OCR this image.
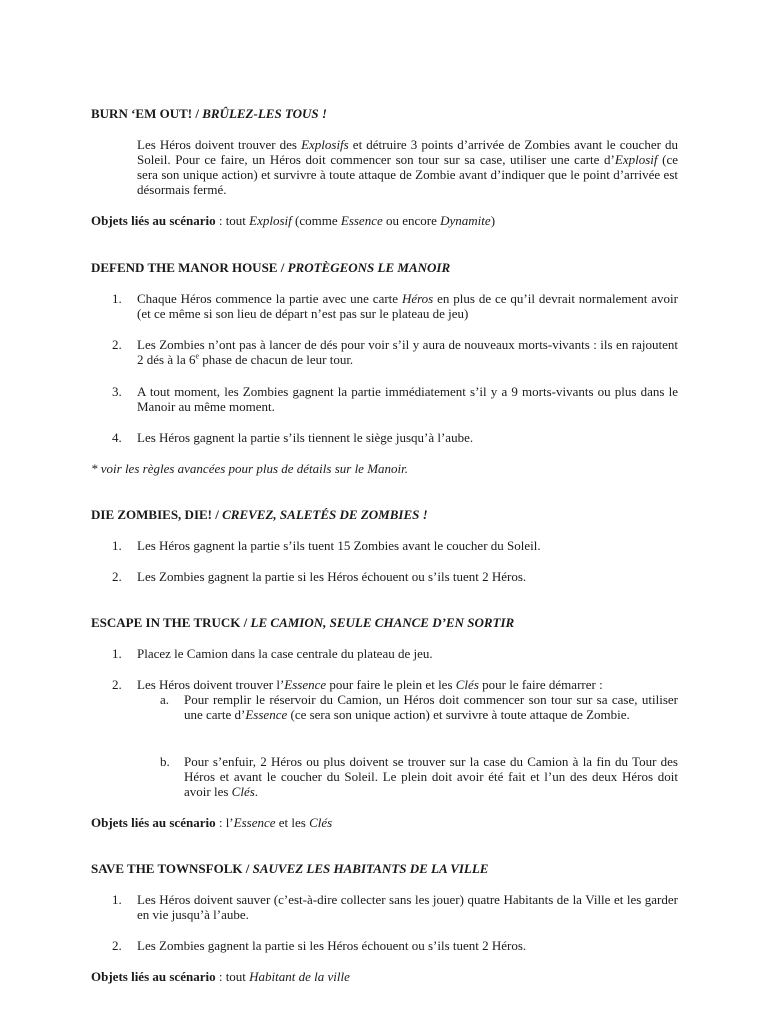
BURN ‘EM OUT! / BRÛLEZ-LES TOUS !
Les Héros doivent trouver des Explosifs et détruire 3 points d’arrivée de Zombies avant le coucher du Soleil. Pour ce faire, un Héros doit commencer son tour sur sa case, utiliser une carte d’Explosif (ce sera son unique action) et survivre à toute attaque de Zombie avant d’indiquer que le point d’arrivée est désormais fermé.
Objets liés au scénario : tout Explosif (comme Essence ou encore Dynamite)
DEFEND THE MANOR HOUSE / PROTÈGEONS LE MANOIR
1.	Chaque Héros commence la partie avec une carte Héros en plus de ce qu’il devrait normalement avoir (et ce même si son lieu de départ n’est pas sur le plateau de jeu)
2.	Les Zombies n’ont pas à lancer de dés pour voir s’il y aura de nouveaux morts-vivants : ils en rajoutent 2 dés à la 6e phase de chacun de leur tour.
3.	A tout moment, les Zombies gagnent la partie immédiatement s’il y a 9 morts-vivants ou plus dans le Manoir au même moment.
4.	Les Héros gagnent la partie s’ils tiennent le siège jusqu’à l’aube.
* voir les règles avancées pour plus de détails sur le Manoir.
DIE ZOMBIES, DIE! / CREVEZ, SALETÉS DE ZOMBIES !
1.	Les Héros gagnent la partie s’ils tuent 15 Zombies avant le coucher du Soleil.
2.	Les Zombies gagnent la partie si les Héros échouent ou s’ils tuent 2 Héros.
ESCAPE IN THE TRUCK / LE CAMION, SEULE CHANCE D’EN SORTIR
1.	Placez le Camion dans la case centrale du plateau de jeu.
2.	Les Héros doivent trouver l’Essence pour faire le plein et les Clés pour le faire démarrer :
a.	Pour remplir le réservoir du Camion, un Héros doit commencer son tour sur sa case, utiliser une carte d’Essence (ce sera son unique action) et survivre à toute attaque de Zombie.
b.	Pour s’enfuir, 2 Héros ou plus doivent se trouver sur la case du Camion à la fin du Tour des Héros et avant le coucher du Soleil. Le plein doit avoir été fait et l’un des deux Héros doit avoir les Clés.
Objets liés au scénario : l’Essence et les Clés
SAVE THE TOWNSFOLK / SAUVEZ LES HABITANTS DE LA VILLE
1.	Les Héros doivent sauver (c’est-à-dire collecter sans les jouer) quatre Habitants de la Ville et les garder en vie jusqu’à l’aube.
2.	Les Zombies gagnent la partie si les Héros échouent ou s’ils tuent 2 Héros.
Objets liés au scénario : tout Habitant de la ville
